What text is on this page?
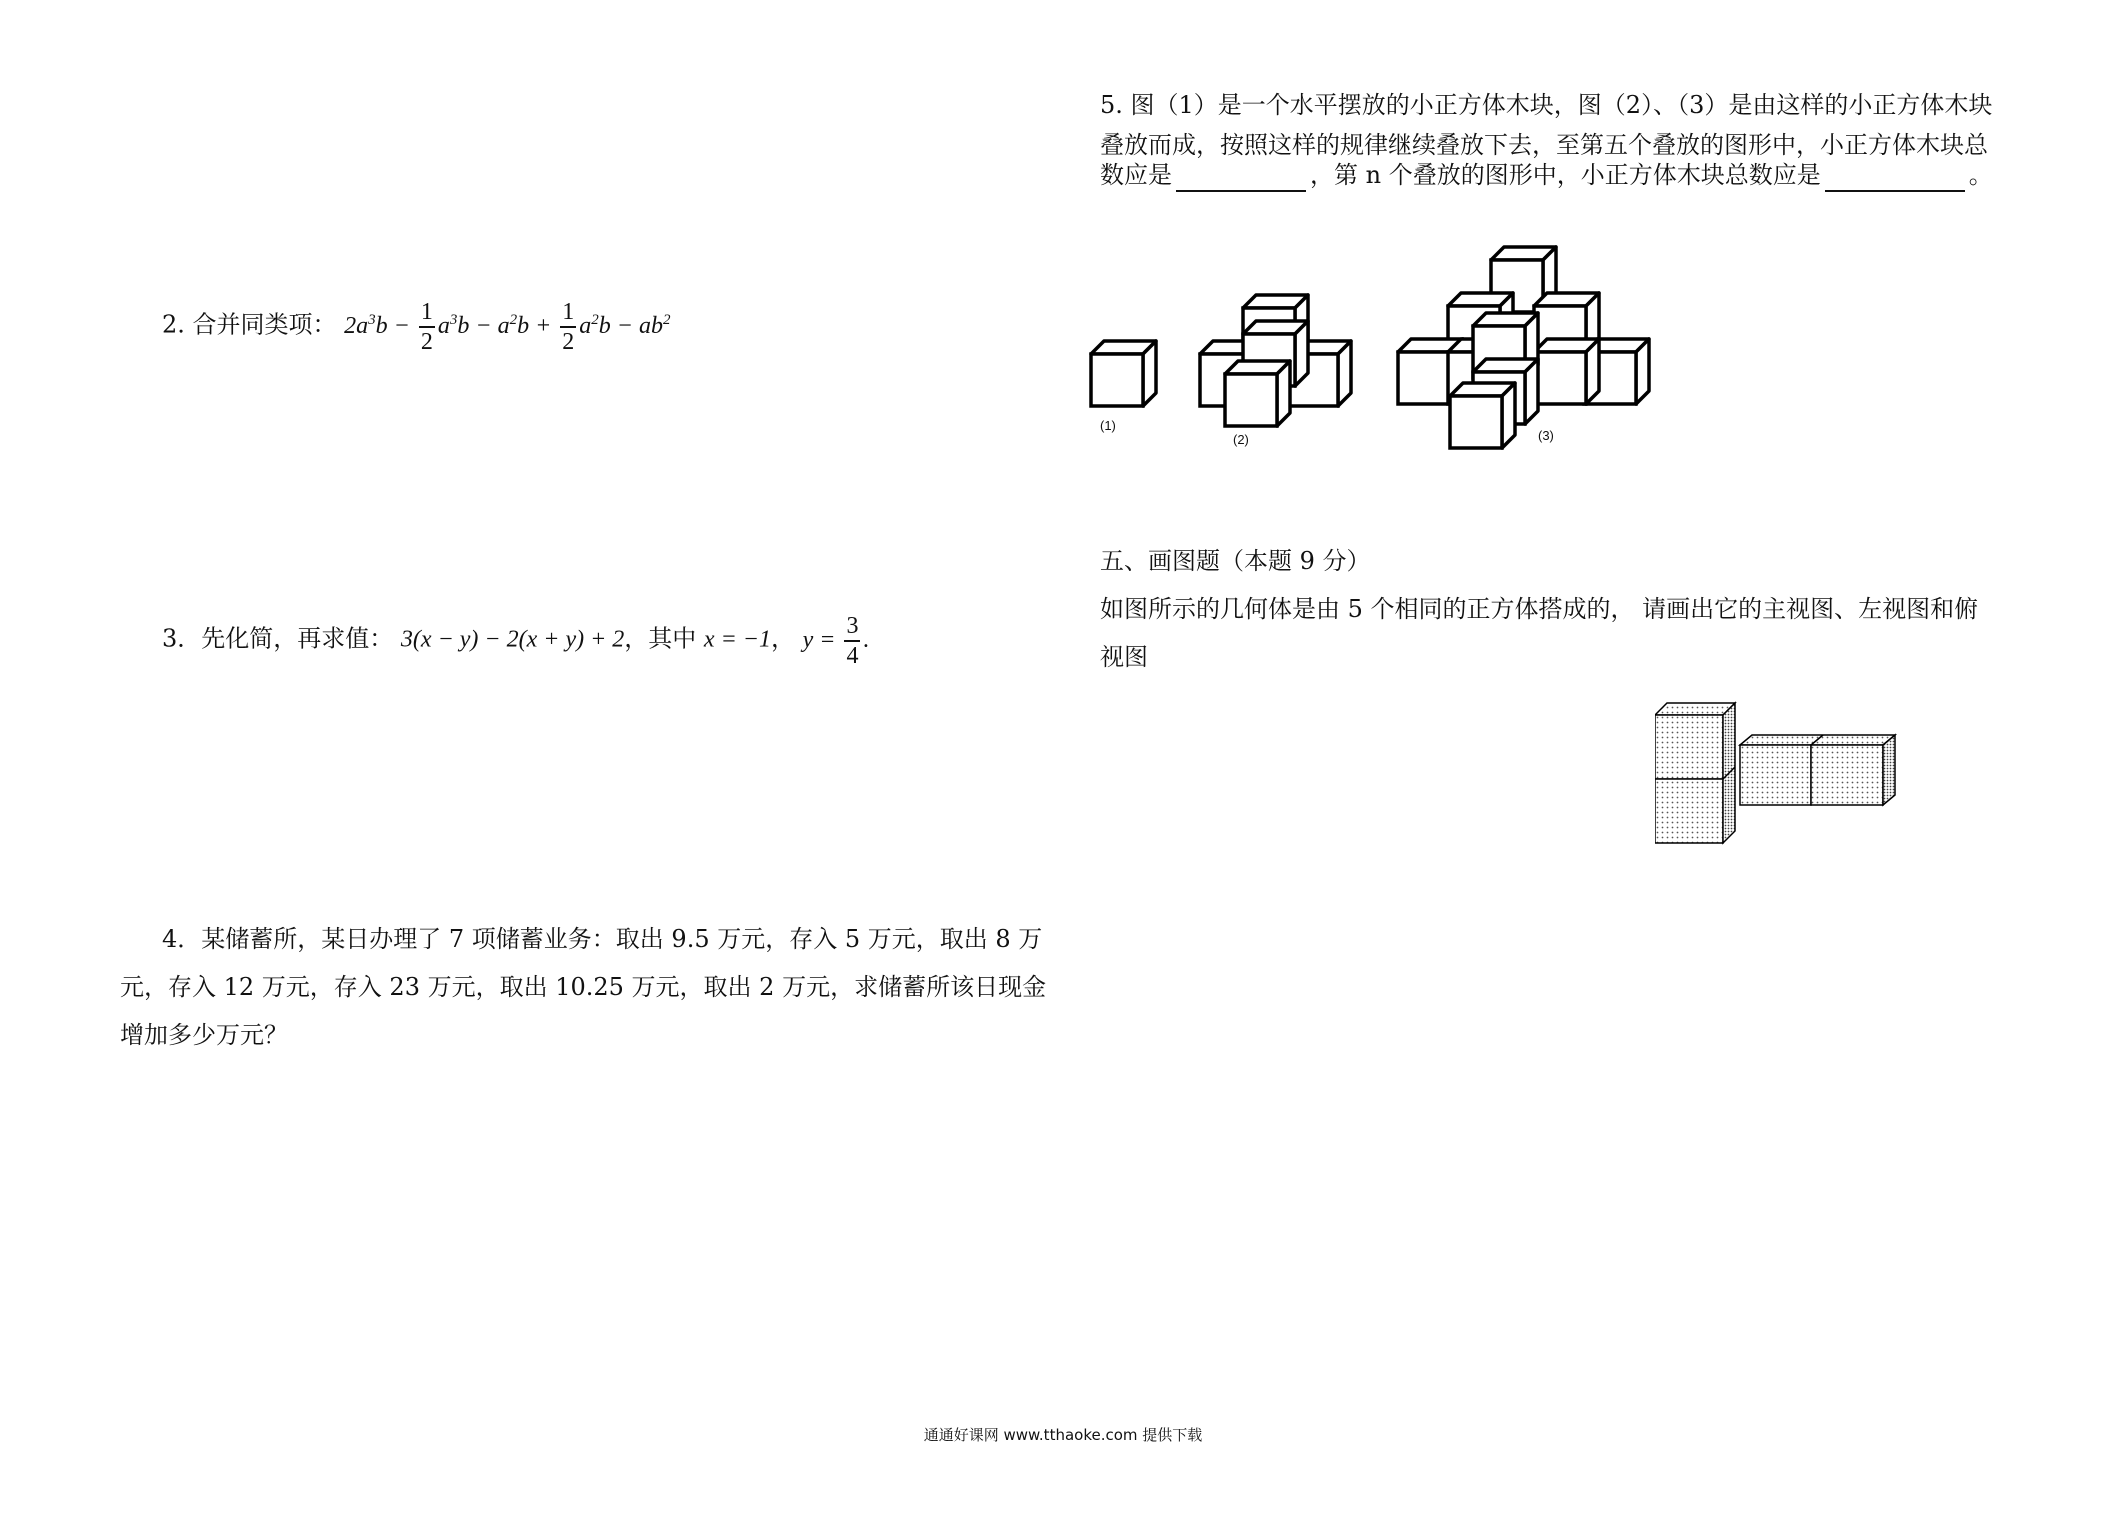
2. 合并同类项： $2a^3b - \frac{1}{2} a^3b - a^2b + \frac{1}{2} a^2b - ab^2$
3．先化简，再求值： 3(x − y) − 2(x + y) + 2，其中 x = −1， $y = \frac{3}{4}$ .
4．某储蓄所，某日办理了 7 项储蓄业务：取出 9.5 万元，存入 5 万元，取出 8 万
元，存入 12 万元，存入 23 万元，取出 10.25 万元，取出 2 万元，求储蓄所该日现金
增加多少万元？
5. 图（1）是一个水平摆放的小正方体木块，图（2）、（3）是由这样的小正方体木块
叠放而成，按照这样的规律继续叠放下去，至第五个叠放的图形中，小正方体木块总
数应是	，第 n 个叠放的图形中，小正方体木块总数应是	。
(1)
(2)	(3)
五、画图题（本题 9 分）
如图所示的几何体是由 5 个相同的正方体搭成的， 请画出它的主视图、左视图和俯
视图
通通好课网 www.tthaoke.com 提供下载
